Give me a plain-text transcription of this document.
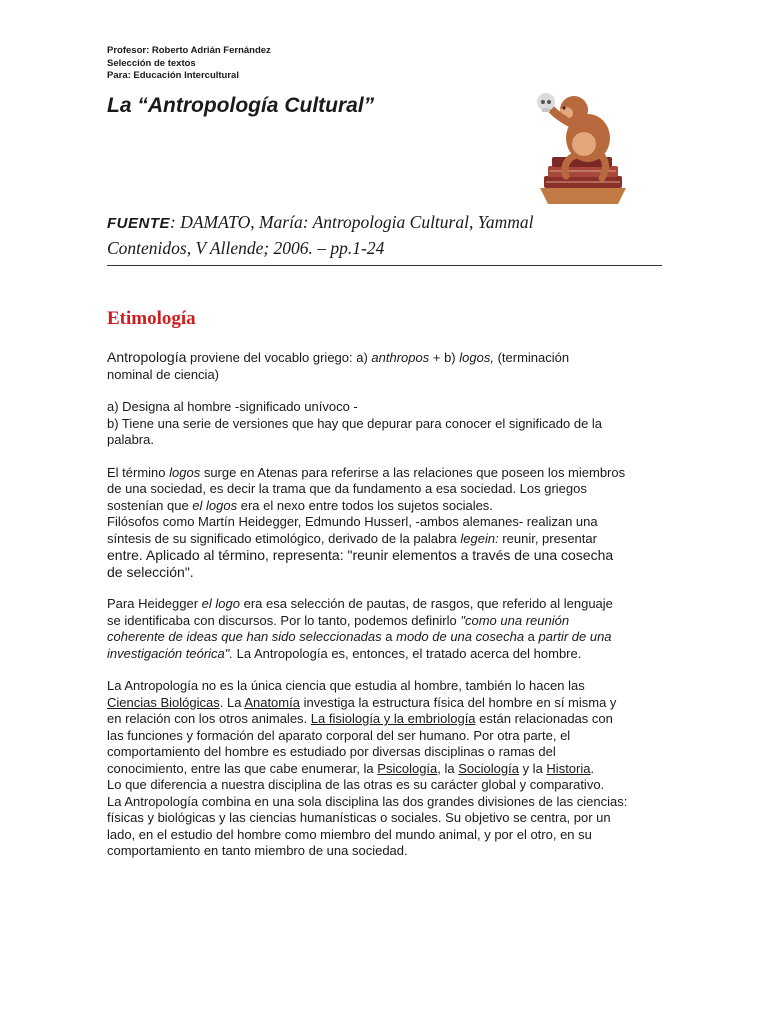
Profesor: Roberto Adrián Fernández
Selección de textos
Para: Educación Intercultural
La “Antropología Cultural”
FUENTE: DAMATO, María: Antropologia Cultural, Yammal
Contenidos, V Allende; 2006. – pp.1-24
Etimología

Antropología proviene del vocablo griego: a) anthropos + b) logos, (terminación
nominal de ciencia)

a) Designa al hombre -significado unívoco -
b) Tiene una serie de versiones que hay que depurar para conocer el significado de la
palabra.

El término logos surge en Atenas para referirse a las relaciones que poseen los miembros
de una sociedad, es decir la trama que da fundamento a esa sociedad. Los griegos
sostenían que el logos era el nexo entre todos los sujetos sociales.
Filósofos como Martín Heidegger, Edmundo Husserl, -ambos alemanes- realizan una
síntesis de su significado etimológico, derivado de la palabra legein: reunir, presentar
entre. Aplicado al término, representa: "reunir elementos a través de una cosecha
de selección".

Para Heidegger el logo era esa selección de pautas, de rasgos, que referido al lenguaje
se identificaba con discursos. Por lo tanto, podemos definirlo "como una reunión
coherente de ideas que han sido seleccionadas a modo de una cosecha a partir de una
investigación teórica". La Antropología es, entonces, el tratado acerca del hombre.

La Antropología no es la única ciencia que estudia al hombre, también lo hacen las
Ciencias Biológicas. La Anatomía investiga la estructura física del hombre en sí misma y
en relación con los otros animales. La fisiología y la embriología están relacionadas con
las funciones y formación del aparato corporal del ser humano. Por otra parte, el
comportamiento del hombre es estudiado por diversas disciplinas o ramas del
conocimiento, entre las que cabe enumerar, la Psicología, la Sociología y la Historia.
Lo que diferencia a nuestra disciplina de las otras es su carácter global y comparativo.
La Antropología combina en una sola disciplina las dos grandes divisiones de las ciencias:
físicas y biológicas y las ciencias humanísticas o sociales. Su objetivo se centra, por un
lado, en el estudio del hombre como miembro del mundo animal, y por el otro, en su
comportamiento en tanto miembro de una sociedad.
